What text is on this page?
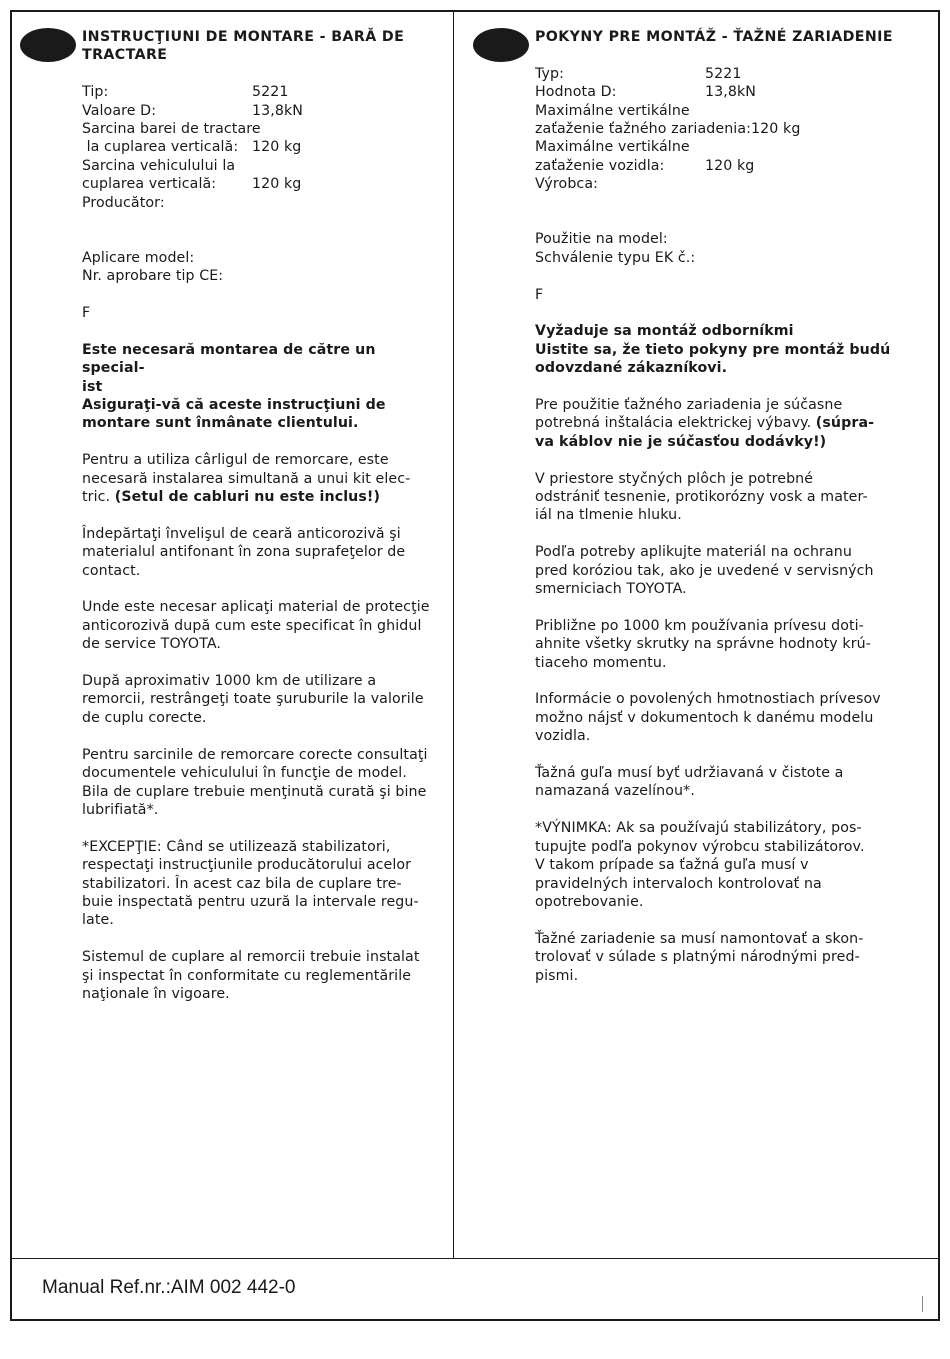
INSTRUCŢIUNI DE MONTARE - BARĂ DE

TRACTARE

Tip:	5221
Valoare D:	13,8kN

Sarcina barei de tractare

la cuplarea verticală: 120 kg

Sarcina vehiculului la

cuplarea verticală:	120 kg

Producător:

Aplicare model:

Nr. aprobare tip CE:

F

Este necesară montarea de către un special-

ist

Asiguraţi-vă că aceste instrucţiuni de

montare sunt înmânate clientului.

Pentru a utiliza cârligul de remorcare, este

necesară instalarea simultană a unui kit elec-

tric. (Setul de cabluri nu este inclus!)

Îndepărtaţi învelişul de ceară anticorozivă şi

materialul antifonant în zona suprafeţelor de

contact.

Unde este necesar aplicaţi material de protecţie

anticorozivă după cum este specificat în ghidul

de service TOYOTA.

După aproximativ 1000 km de utilizare a

remorcii, restrângeţi toate şuruburile la valorile

de cuplu corecte.

Pentru sarcinile de remorcare corecte consultaţi

documentele vehiculului în funcţie de model.

Bila de cuplare trebuie menţinută curată şi bine

lubrifiată*.

*EXCEPŢIE: Când se utilizează stabilizatori,

respectaţi instrucţiunile producătorului acelor

stabilizatori. În acest caz bila de cuplare tre-

buie inspectată pentru uzură la intervale regu-

late.

Sistemul de cuplare al remorcii trebuie instalat

şi inspectat în conformitate cu reglementările

naţionale în vigoare.

POKYNY PRE MONTÁŽ - ŤAŽNÉ ZARIADENIE

Typ:	5221
Hodnota D:	13,8kN

Maximálne vertikálne

zaťaženie ťažného zariadenia: 120 kg

Maximálne vertikálne

zaťaženie vozidla:	120 kg

Výrobca:

Použitie na model:

Schválenie typu EK č.:

F

Vyžaduje sa montáž odborníkmi

Uistite sa, že tieto pokyny pre montáž budú

odovzdané zákazníkovi.

Pre použitie ťažného zariadenia je súčasne

potrebná inštalácia elektrickej výbavy. (súpra-

va káblov nie je súčasťou dodávky!)

V priestore styčných plôch je potrebné

odstrániť tesnenie, protikorózny vosk a mater-

iál na tlmenie hluku.

Podľa potreby aplikujte materiál na ochranu

pred koróziou tak, ako je uvedené v servisných

smerniciach TOYOTA.

Približne po 1000 km používania prívesu doti-

ahnite všetky skrutky na správne hodnoty krú-

tiaceho momentu.

Informácie o povolených hmotnostiach prívesov

možno nájsť v dokumentoch k danému modelu

vozidla.

Ťažná guľa musí byť udržiavaná v čistote a

namazaná vazelínou*.

*VÝNIMKA: Ak sa používajú stabilizátory, pos-

tupujte podľa pokynov výrobcu stabilizátorov.

V takom prípade sa ťažná guľa musí v

pravidelných intervaloch kontrolovať na

opotrebovanie.

Ťažné zariadenie sa musí namontovať a skon-

trolovať v súlade s platnými národnými pred-

pismi.

Manual Ref.nr.:AIM 002 442-0
